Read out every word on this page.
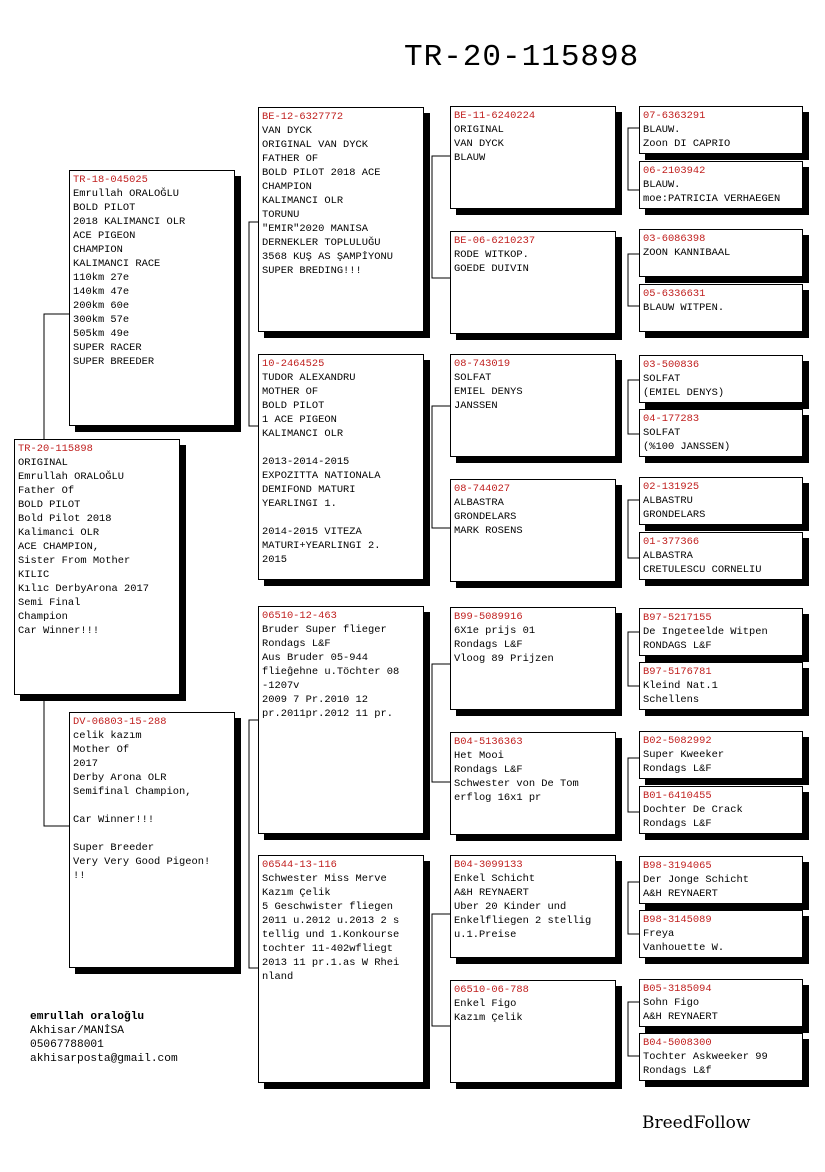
TR-20-115898
TR-20-115898
ORIGINAL
Emrullah ORALOĞLU
Father Of
BOLD PILOT
Bold Pilot 2018
Kalimanci OLR
ACE CHAMPION,
Sister From Mother
KILIC
Kılıc DerbyArona 2017
Semi Final
Champion
Car Winner!!!
TR-18-045025
Emrullah ORALOĞLU
BOLD PILOT
2018 KALIMANCI OLR
ACE PIGEON
CHAMPION
KALIMANCI RACE
110km 27e
140km 47e
200km 60e
300km 57e
505km 49e
SUPER RACER
SUPER BREEDER
DV-06803-15-288
celik kazım
Mother Of
2017
Derby Arona OLR
Semifinal Champion,

Car Winner!!!

Super Breeder
Very Very Good Pigeon!
!!
BE-12-6327772
VAN DYCK
ORIGINAL VAN DYCK
FATHER OF
BOLD PILOT 2018 ACE
CHAMPION
KALIMANCI OLR
TORUNU
"EMIR"2020 MANISA
DERNEKLER TOPLULUĞU
3568 KUŞ AS ŞAMPİYONU
SUPER BREDING!!!
10-2464525
TUDOR ALEXANDRU
MOTHER OF
BOLD PILOT
1 ACE PIGEON
KALIMANCI OLR

2013-2014-2015
EXPOZITTA NATIONALA
DEMIFOND MATURI
YEARLINGI 1.

2014-2015 VITEZA
MATURI+YEARLINGI 2.
2015
06510-12-463
Bruder Super flieger
Rondags L&F
Aus Bruder 05-944
flieĝehne u.Töchter 08
-1207v
2009 7 Pr.2010 12
pr.2011pr.2012 11 pr.
06544-13-116
Schwester Miss Merve
Kazım Çelik
5 Geschwister fliegen
2011 u.2012 u.2013 2 s
tellig und 1.Konkourse
tochter 11-402wfliegt
2013 11 pr.1.as W Rhei
nland
BE-11-6240224
ORIGINAL
VAN DYCK
BLAUW
BE-06-6210237
RODE WITKOP.
GOEDE DUIVIN
08-743019
SOLFAT
EMIEL DENYS
JANSSEN
08-744027
ALBASTRA
GRONDELARS
MARK ROSENS
B99-5089916
6X1e prijs 01
Rondags L&F
Vloog 89 Prijzen
B04-5136363
Het Mooi
Rondags L&F
Schwester von De Tom
erflog 16x1 pr
B04-3099133
Enkel Schicht
A&H REYNAERT
Uber 20 Kinder und
Enkelfliegen 2 stellig
u.1.Preise
06510-06-788
Enkel Figo
Kazım Çelik
07-6363291
BLAUW.
Zoon DI CAPRIO
06-2103942
BLAUW.
moe:PATRICIA VERHAEGEN
03-6086398
ZOON KANNIBAAL
05-6336631
BLAUW WITPEN.
03-500836
SOLFAT
(EMIEL DENYS)
04-177283
SOLFAT
(%100 JANSSEN)
02-131925
ALBASTRU
GRONDELARS
01-377366
ALBASTRA
CRETULESCU CORNELIU
B97-5217155
De Ingeteelde Witpen
RONDAGS L&F
B97-5176781
Kleind Nat.1
Schellens
B02-5082992
Super Kweeker
Rondags L&F
B01-6410455
Dochter De Crack
Rondags L&F
B98-3194065
Der Jonge Schicht
A&H REYNAERT
B98-3145089
Freya
Vanhouette W.
B05-3185094
Sohn Figo
A&H REYNAERT
B04-5008300
Tochter Askweeker 99
Rondags L&f
emrullah oraloğlu
Akhisar/MANİSA
05067788001
akhisarposta@gmail.com
BreedFollow
